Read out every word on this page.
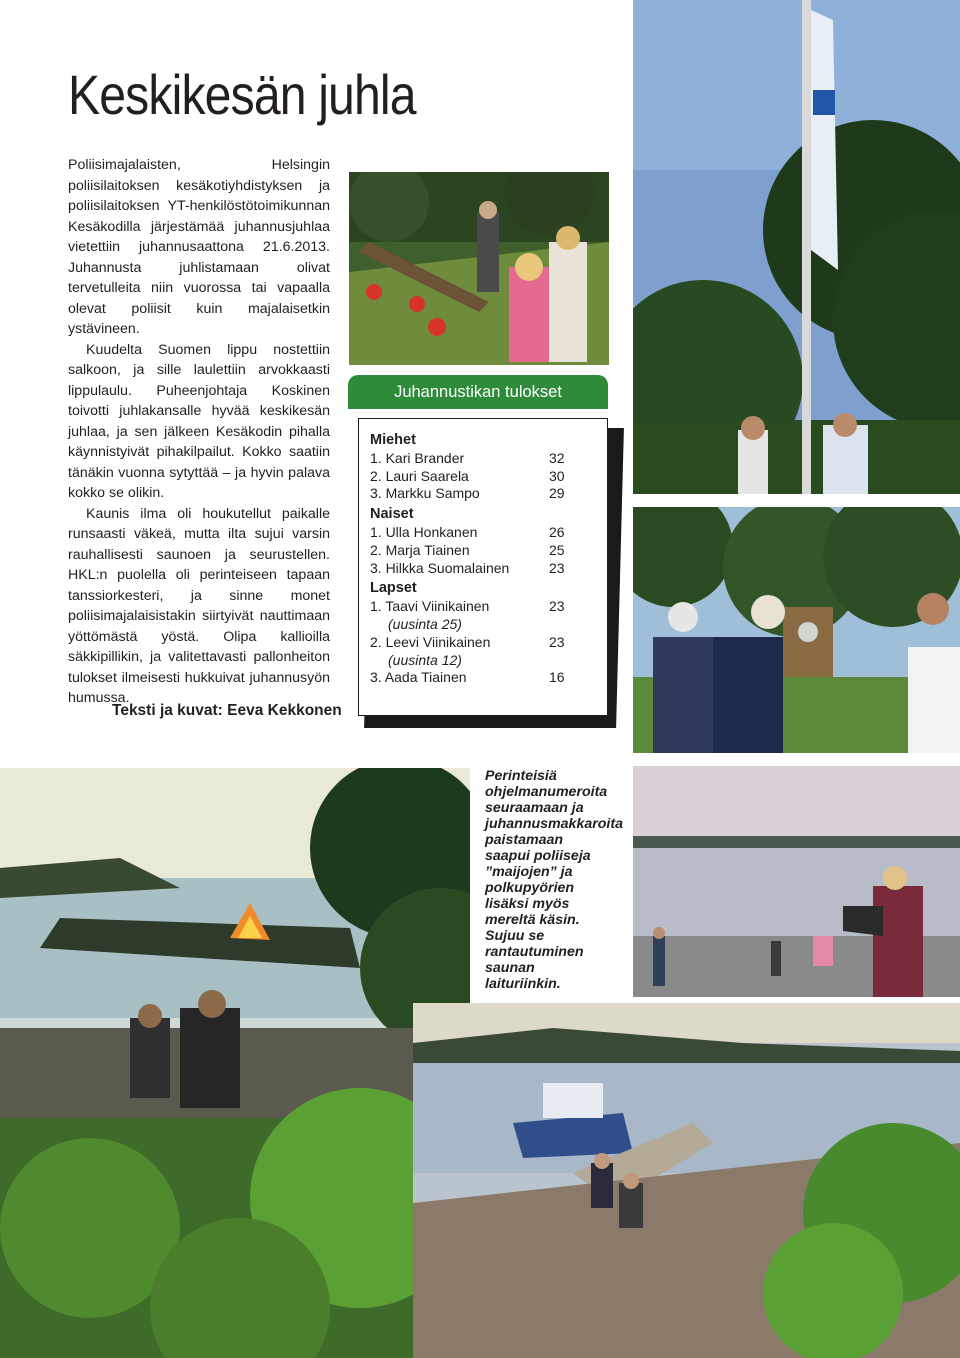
Keskikesän juhla

Poliisimajalaisten, Helsingin poliisilaitoksen kesäkotiyhdistyksen ja poliisilaitoksen YT-henkilöstötoimikunnan Kesäkodilla järjestämää juhannusjuhlaa vietettiin juhannusaattona 21.6.2013. Juhannusta juhlistamaan olivat tervetulleita niin vuorossa tai vapaalla olevat poliisit kuin majalaisetkin ystävineen.

Kuudelta Suomen lippu nostettiin salkoon, ja sille laulettiin arvokkaasti lippulaulu. Puheenjohtaja Koskinen toivotti juhlakansalle hyvää keskikesän juhlaa, ja sen jälkeen Kesäkodin pihalla käynnistyivät pihakilpailut. Kokko saatiin tänäkin vuonna sytyttää – ja hyvin palava kokko se olikin.

Kaunis ilma oli houkutellut paikalle runsaasti väkeä, mutta ilta sujui varsin rauhallisesti saunoen ja seurustellen. HKL:n puolella oli perinteiseen tapaan tanssiorkesteri, ja sinne monet poliisimajalaisistakin siirtyivät nauttimaan yöttömästä yöstä. Olipa kallioilla säkkipillikin, ja valitettavasti pallonheiton tulokset ilmeisesti hukkuivat juhannusyön humussa.

Teksti ja kuvat: Eeva Kekkonen
Juhannustikan tulokset
Miehet
1. Kari Brander	32
2. Lauri Saarela	30
3. Markku Sampo	29
Naiset
1. Ulla Honkanen	26
2. Marja Tiainen	25
3. Hilkka Suomalainen	23
Lapset
1. Taavi Viinikainen	23
(uusinta 25)
2. Leevi Viinikainen	23
(uusinta 12)
3. Aada Tiainen	16
Perinteisiä ohjelmanumeroita seuraamaan ja juhannusmakkaroita paistamaan saapui poliiseja ”maijojen” ja polkupyörien lisäksi myös mereltä käsin. Sujuu se rantautuminen saunan laituriinkin.
